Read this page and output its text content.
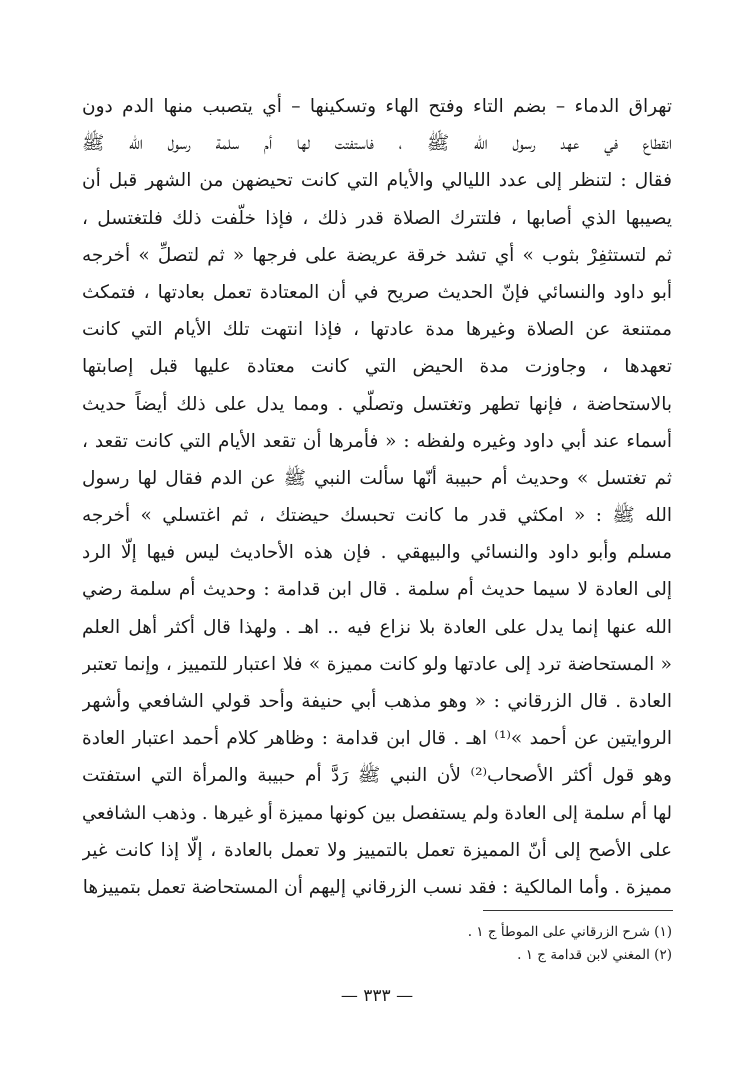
تهراق الدماء – بضم التاء وفتح الهاء وتسكينها – أي يتصبب منها الدم دون
انقطاع في عهد رسول الله ﷺ ، فاستفتت لها أم سلمة رسول الله ﷺ
فقال : لتنظر إلى عدد الليالي والأيام التي كانت تحيضهن من الشهر قبل أن
يصيبها الذي أصابها ، فلتترك الصلاة قدر ذلك ، فإذا خلّفت ذلك فلتغتسل ،
ثم لتستثفِرْ بثوب » أي تشد خرقة عريضة على فرجها « ثم لتصلِّ » أخرجه
أبو داود والنسائي فإنّ الحديث صريح في أن المعتادة تعمل بعادتها ، فتمكث
ممتنعة عن الصلاة وغيرها مدة عادتها ، فإذا انتهت تلك الأيام التي كانت
تعهدها ، وجاوزت مدة الحيض التي كانت معتادة عليها قبل إصابتها
بالاستحاضة ، فإنها تطهر وتغتسل وتصلّي . ومما يدل على ذلك أيضاً حديث
أسماء عند أبي داود وغيره ولفظه : « فأمرها أن تقعد الأيام التي كانت تقعد ،
ثم تغتسل » وحديث أم حبيبة أنّها سألت النبي ﷺ عن الدم فقال لها رسول
الله ﷺ : « امكثي قدر ما كانت تحبسك حيضتك ، ثم اغتسلي » أخرجه
مسلم وأبو داود والنسائي والبيهقي . فإن هذه الأحاديث ليس فيها إلّا الرد
إلى العادة لا سيما حديث أم سلمة . قال ابن قدامة : وحديث أم سلمة رضي
الله عنها إنما يدل على العادة بلا نزاع فيه .. اهـ . ولهذا قال أكثر أهل العلم
« المستحاضة ترد إلى عادتها ولو كانت مميزة » فلا اعتبار للتمييز ، وإنما تعتبر
العادة . قال الزرقاني : « وهو مذهب أبي حنيفة وأحد قولي الشافعي وأشهر
الروايتين عن أحمد »⁽¹⁾ اهـ . قال ابن قدامة : وظاهر كلام أحمد اعتبار العادة
وهو قول أكثر الأصحاب⁽²⁾ لأن النبي ﷺ رَدَّ أم حبيبة والمرأة التي استفتت
لها أم سلمة إلى العادة ولم يستفصل بين كونها مميزة أو غيرها . وذهب الشافعي
على الأصح إلى أنّ المميزة تعمل بالتمييز ولا تعمل بالعادة ، إلّا إذا كانت غير
مميزة . وأما المالكية : فقد نسب الزرقاني إليهم أن المستحاضة تعمل بتمييزها
(١) شرح الزرقاني على الموطأ ج ١ .
(٢) المغني لابن قدامة ج ١ .
— ٣٣٣ —
